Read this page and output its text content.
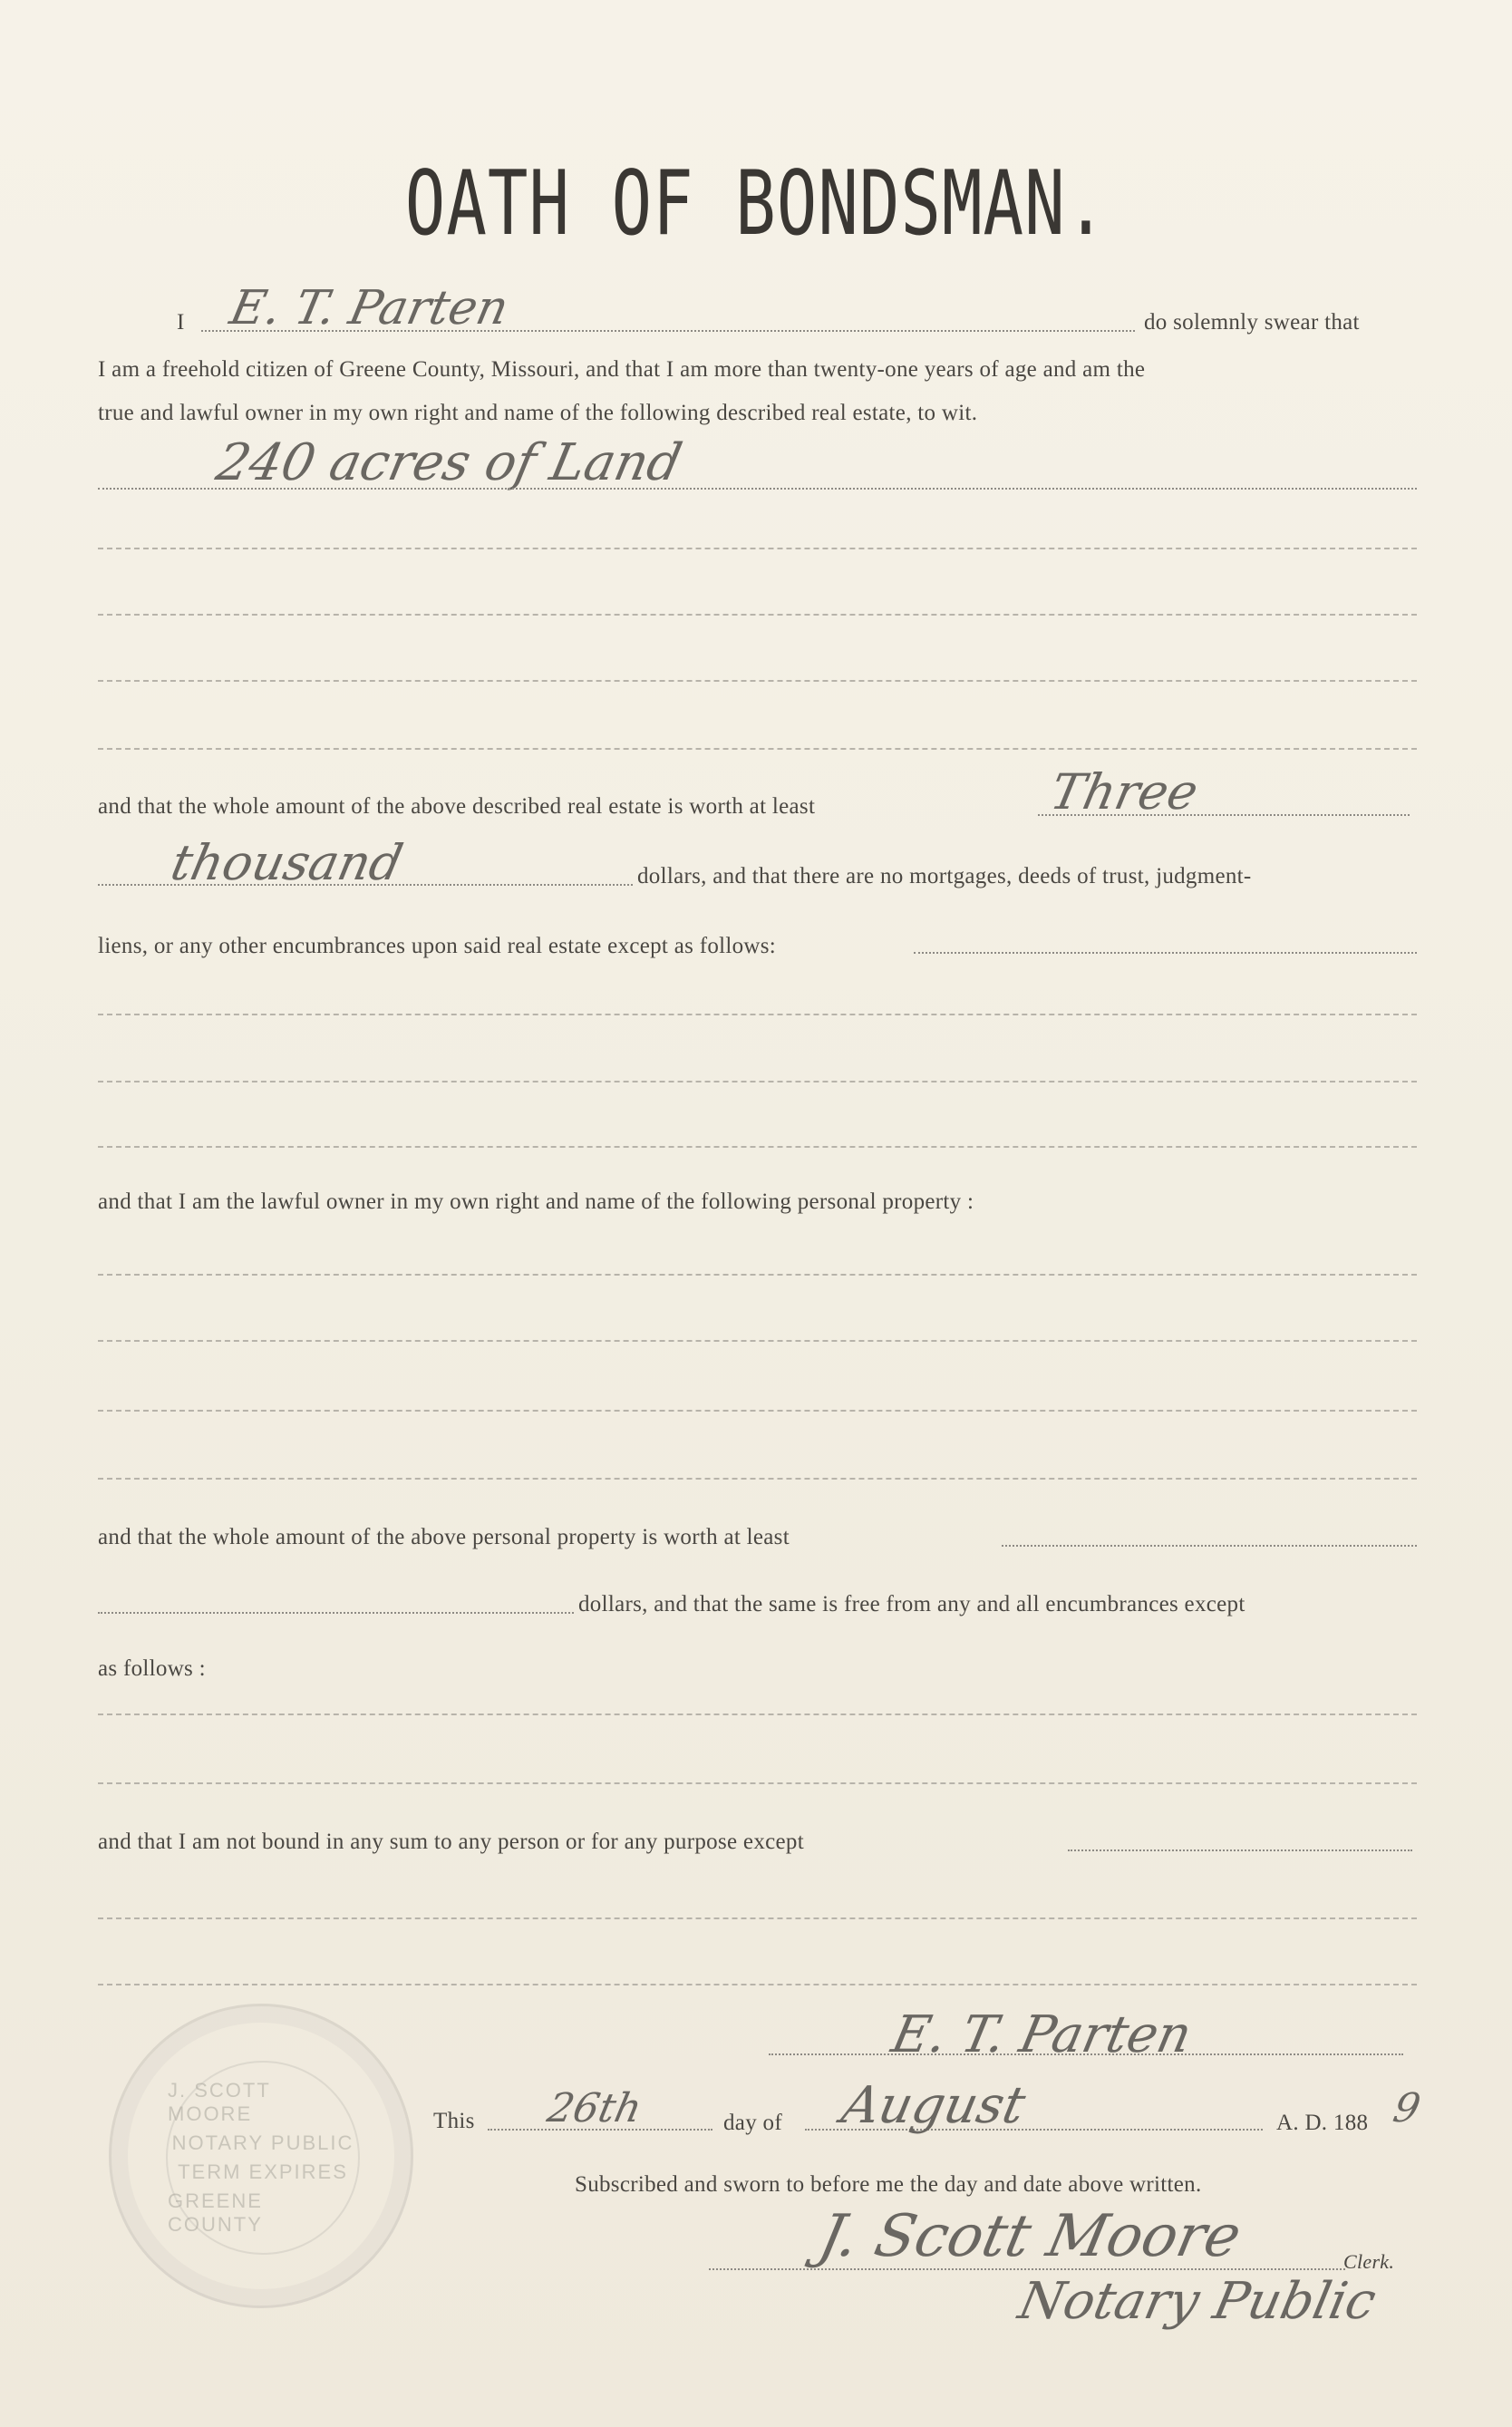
OATH OF BONDSMAN.
I E. T. Parten	do solemnly swear that
I am a freehold citizen of Greene County, Missouri, and that I am more than twenty-one years of age and am the
true and lawful owner in my own right and name of the following described real estate, to wit.
240 acres of Land
and that the whole amount of the above described real estate is worth at least	Three
thousand	dollars, and that there are no mortgages, deeds of trust, judgment-
liens, or any other encumbrances upon said real estate except as follows:
and that I am the lawful owner in my own right and name of the following personal property :
and that the whole amount of the above personal property is worth at least
dollars, and that the same is free from any and all encumbrances except
as follows :
and that I am not bound in any sum to any person or for any purpose except
E. T. Parten
This 26th	day of August	A. D. 188 9
Subscribed and sworn to before me the day and date above written.
J. Scott Moore	Clerk.
Notary Public
J. SCOTT MOORE
NOTARY PUBLIC
TERM EXPIRES
GREENE COUNTY
